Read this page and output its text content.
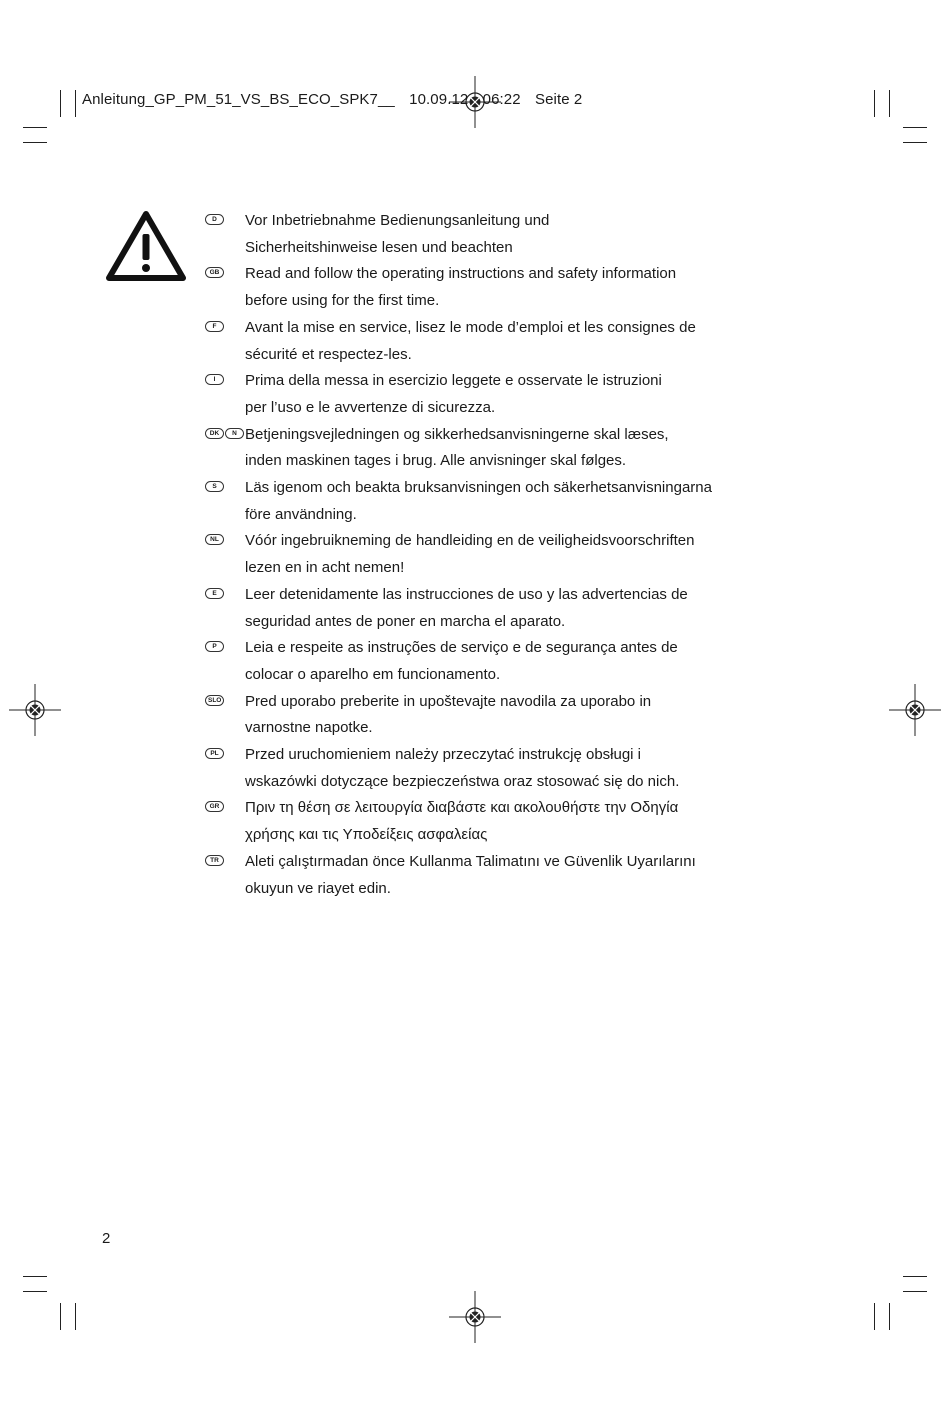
Anleitung_GP_PM_51_VS_BS_ECO_SPK7__ 10.09.12 06:22 Seite 2
D	Vor Inbetriebnahme Bedienungsanleitung und
Sicherheitshinweise lesen und beachten
GB	Read and follow the operating instructions and safety information
before using for the first time.
F	Avant la mise en service, lisez le mode d’emploi et les consignes de
sécurité et respectez-les.
I	Prima della messa in esercizio leggete e osservate le istruzioni
per l’uso e le avvertenze di sicurezza.
DK	N Betjeningsvejledningen og sikkerhedsanvisningerne skal læses,
inden maskinen tages i brug. Alle anvisninger skal følges.
S	Läs igenom och beakta bruksanvisningen och säkerhetsanvisningarna
före användning.
NL	Vóór ingebruikneming de handleiding en de veiligheidsvoorschriften
lezen en in acht nemen!
E	Leer detenidamente las instrucciones de uso y las advertencias de
seguridad antes de poner en marcha el aparato.
P	Leia e respeite as instruções de serviço e de segurança antes de
colocar o aparelho em funcionamento.
SLO Pred uporabo preberite in upoštevajte navodila za uporabo in
varnostne napotke.
PL	Przed uruchomieniem należy przeczytać instrukcję obsługi i
wskazówki dotyczące bezpieczeństwa oraz stosować się do nich.
GR	Πριν τη θέση σε λειτουργία διαβάστε και ακολουθήστε την Οδηγία
χρήσης και τις Υποδείξεις ασφαλείας
TR	Aleti çalıştırmadan önce Kullanma Talimatını ve Güvenlik Uyarılarını
okuyun ve riayet edin.
2
